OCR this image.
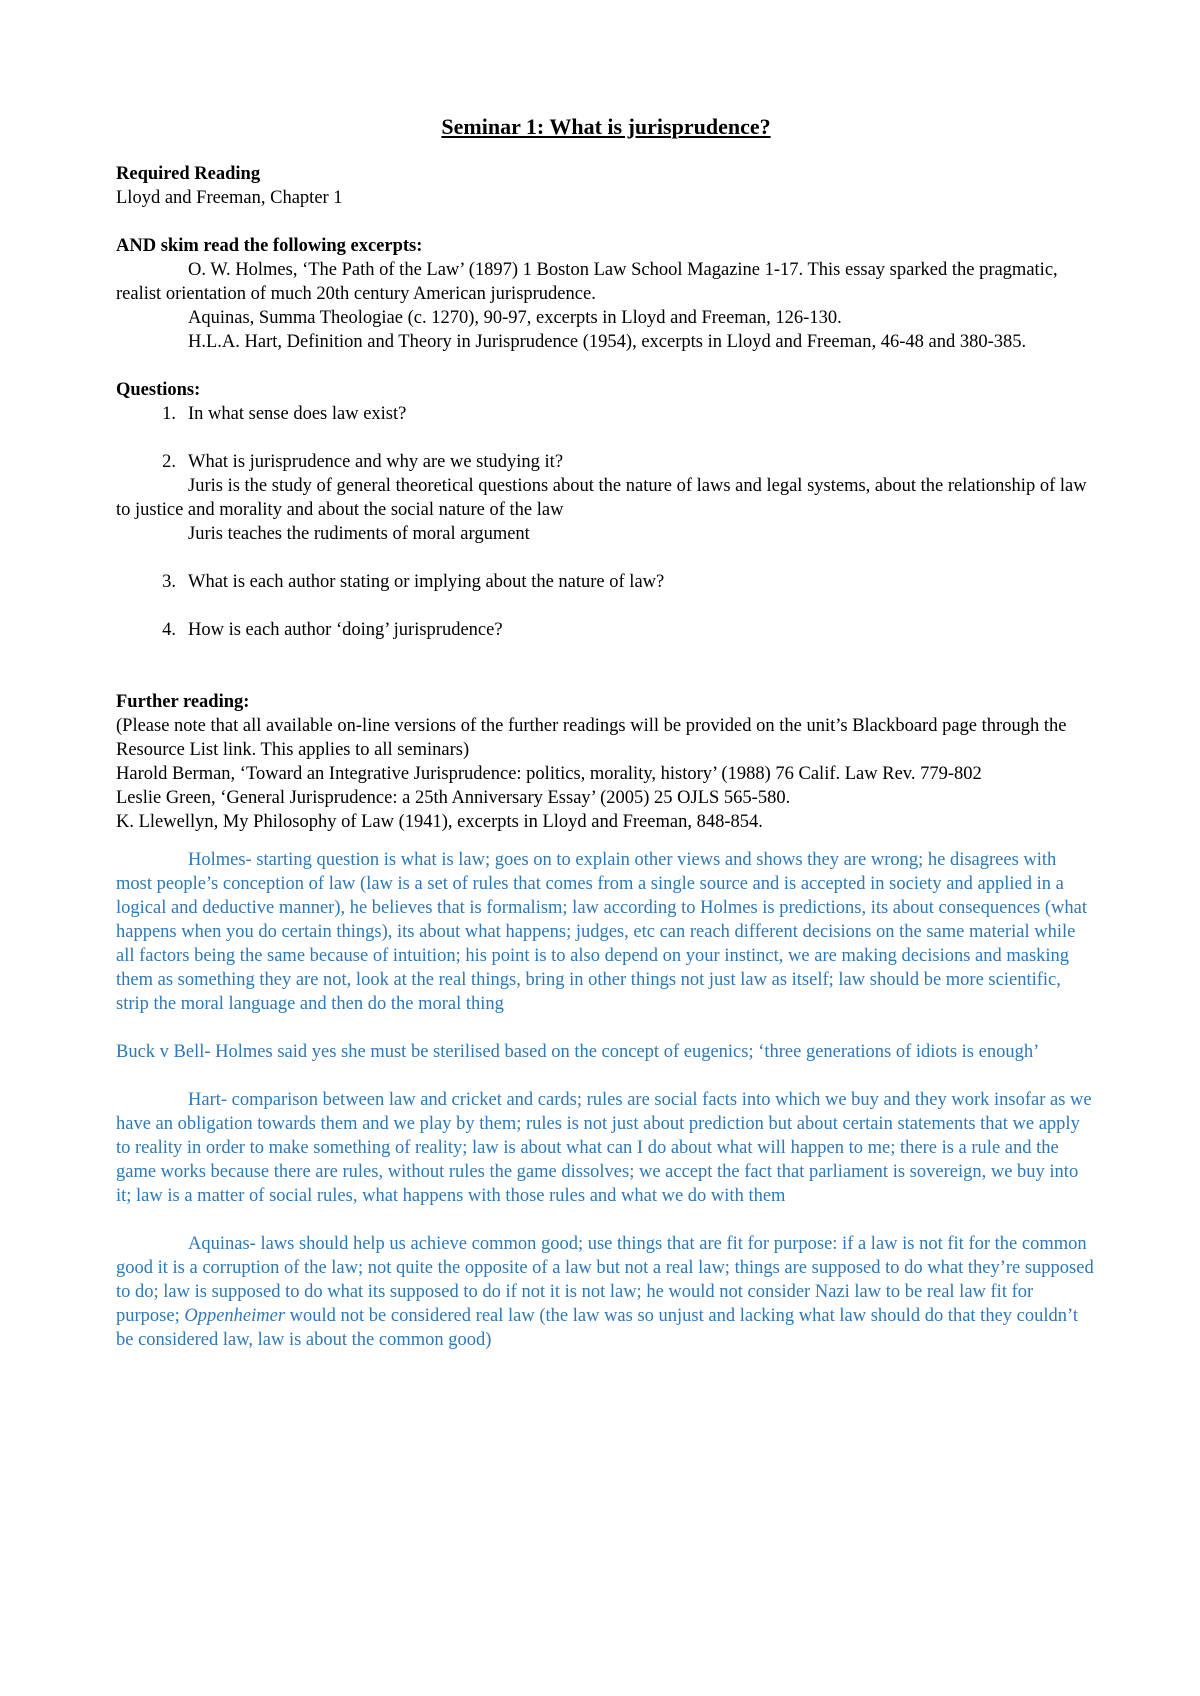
Seminar 1: What is jurisprudence?

Required Reading

Lloyd and Freeman, Chapter 1

AND skim read the following excerpts:

O. W. Holmes, ‘The Path of the Law’ (1897) 1 Boston Law School Magazine 1-17. This essay sparked the pragmatic, realist orientation of much 20th century American jurisprudence.

Aquinas, Summa Theologiae (c. 1270), 90-97, excerpts in Lloyd and Freeman, 126-130.

H.L.A. Hart, Definition and Theory in Jurisprudence (1954), excerpts in Lloyd and Freeman, 46-48 and 380-385.

Questions:

1. In what sense does law exist?
2. What is jurisprudence and why are we studying it?

Juris is the study of general theoretical questions about the nature of laws and legal systems, about the relationship of law to justice and morality and about the social nature of the law

Juris teaches the rudiments of moral argument

3. What is each author stating or implying about the nature of law?
4. How is each author ‘doing’ jurisprudence?

Further reading:

(Please note that all available on-line versions of the further readings will be provided on the unit’s Blackboard page through the Resource List link. This applies to all seminars)

Harold Berman, ‘Toward an Integrative Jurisprudence: politics, morality, history’ (1988) 76 Calif. Law Rev. 779-802

Leslie Green, ‘General Jurisprudence: a 25th Anniversary Essay’ (2005) 25 OJLS 565-580.

K. Llewellyn, My Philosophy of Law (1941), excerpts in Lloyd and Freeman, 848-854.

Holmes- starting question is what is law; goes on to explain other views and shows they are wrong; he disagrees with most people’s conception of law (law is a set of rules that comes from a single source and is accepted in society and applied in a logical and deductive manner), he believes that is formalism; law according to Holmes is predictions, its about consequences (what happens when you do certain things), its about what happens; judges, etc can reach different decisions on the same material while all factors being the same because of intuition; his point is to also depend on your instinct, we are making decisions and masking them as something they are not, look at the real things, bring in other things not just law as itself; law should be more scientific, strip the moral language and then do the moral thing

Buck v Bell- Holmes said yes she must be sterilised based on the concept of eugenics; ‘three generations of idiots is enough’

Hart- comparison between law and cricket and cards; rules are social facts into which we buy and they work insofar as we have an obligation towards them and we play by them; rules is not just about prediction but about certain statements that we apply to reality in order to make something of reality; law is about what can I do about what will happen to me; there is a rule and the game works because there are rules, without rules the game dissolves; we accept the fact that parliament is sovereign, we buy into it; law is a matter of social rules, what happens with those rules and what we do with them

Aquinas- laws should help us achieve common good; use things that are fit for purpose: if a law is not fit for the common good it is a corruption of the law; not quite the opposite of a law but not a real law; things are supposed to do what they’re supposed to do; law is supposed to do what its supposed to do if not it is not law; he would not consider Nazi law to be real law fit for purpose; Oppenheimer would not be considered real law (the law was so unjust and lacking what law should do that they couldn’t be considered law, law is about the common good)
